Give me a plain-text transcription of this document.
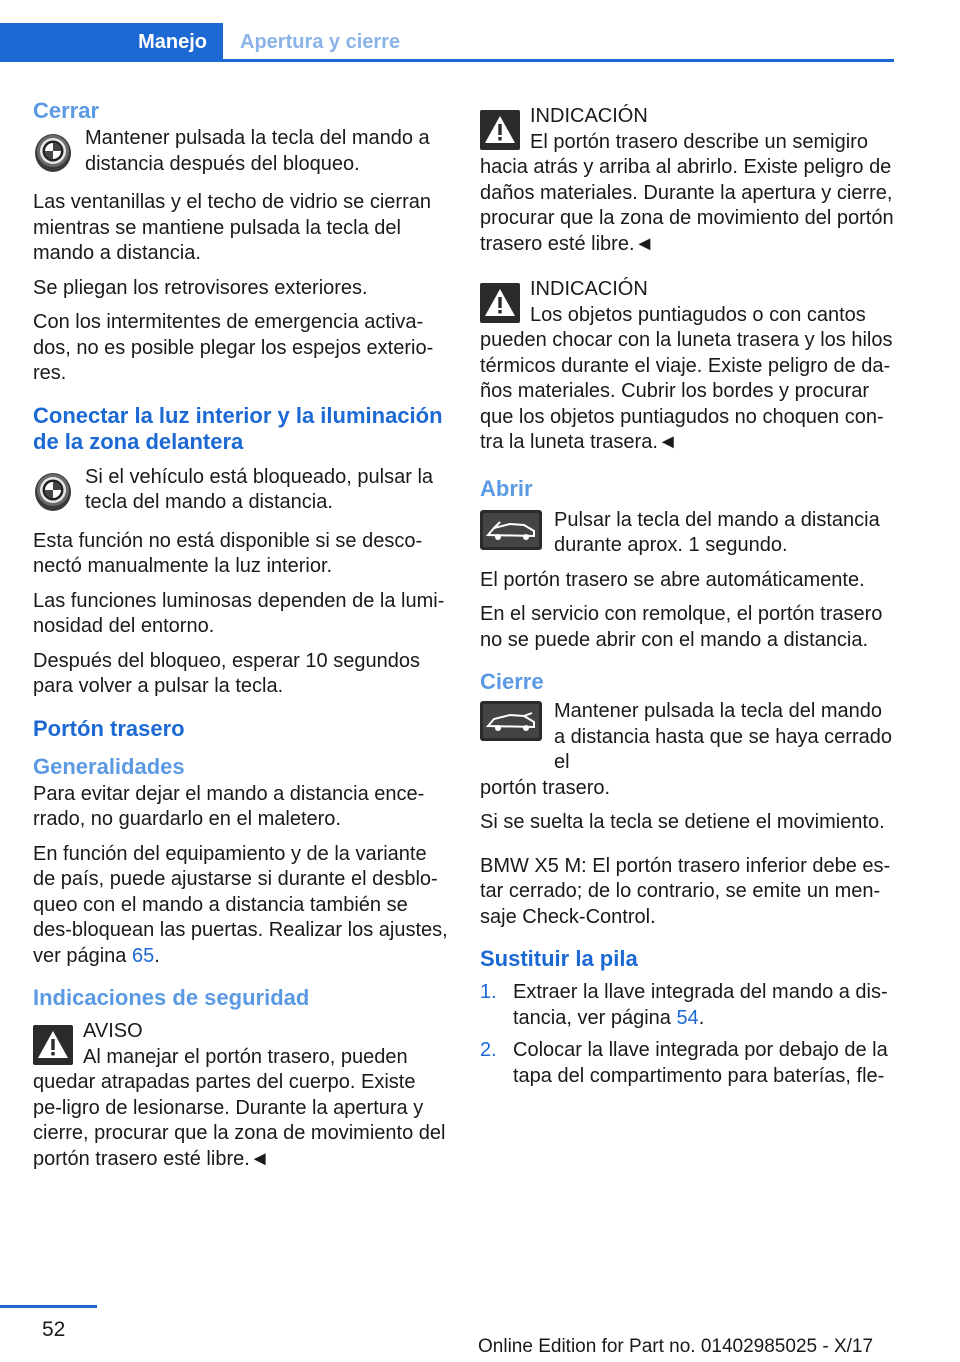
Manejo	Apertura y cierre
Cerrar

Mantener pulsada la tecla del mando a distancia después del bloqueo.

Las ventanillas y el techo de vidrio se cierran mientras se mantiene pulsada la tecla del mando a distancia.

Se pliegan los retrovisores exteriores.

Con los intermitentes de emergencia activa-dos, no es posible plegar los espejos exterio-res.

Conectar la luz interior y la iluminación de la zona delantera

Si el vehículo está bloqueado, pulsar la tecla del mando a distancia.

Esta función no está disponible si se desco-nectó manualmente la luz interior.

Las funciones luminosas dependen de la lumi-nosidad del entorno.

Después del bloqueo, esperar 10 segundos para volver a pulsar la tecla.

Portón trasero
Generalidades

Para evitar dejar el mando a distancia ence-rrado, no guardarlo en el maletero.

En función del equipamiento y de la variante de país, puede ajustarse si durante el desblo-queo con el mando a distancia también se des-bloquean las puertas. Realizar los ajustes, ver página 65.

Indicaciones de seguridad
AVISO
Al manejar el portón trasero, pueden
quedar atrapadas partes del cuerpo. Existe pe-ligro de lesionarse. Durante la apertura y cierre, procurar que la zona de movimiento del portón trasero esté libre.◄
INDICACIÓN
El portón trasero describe un semigiro
hacia atrás y arriba al abrirlo. Existe peligro de daños materiales. Durante la apertura y cierre, procurar que la zona de movimiento del portón trasero esté libre.◄
INDICACIÓN
Los objetos puntiagudos o con cantos
pueden chocar con la luneta trasera y los hilos térmicos durante el viaje. Existe peligro de da-ños materiales. Cubrir los bordes y procurar que los objetos puntiagudos no choquen con-tra la luneta trasera.◄
Abrir

Pulsar la tecla del mando a distancia durante aprox. 1 segundo.

El portón trasero se abre automáticamente.

En el servicio con remolque, el portón trasero no se puede abrir con el mando a distancia.

Cierre

Mantener pulsada la tecla del mando a distancia hasta que se haya cerrado el

portón trasero.

Si se suelta la tecla se detiene el movimiento.

BMW X5 M: El portón trasero inferior debe es-tar cerrado; de lo contrario, se emite un men-saje Check-Control.

Sustituir la pila
1. Extraer la llave integrada del mando a dis-tancia, ver página 54.
2. Colocar la llave integrada por debajo de la tapa del compartimento para baterías, fle-
52
Online Edition for Part no. 01402985025 - X/17
